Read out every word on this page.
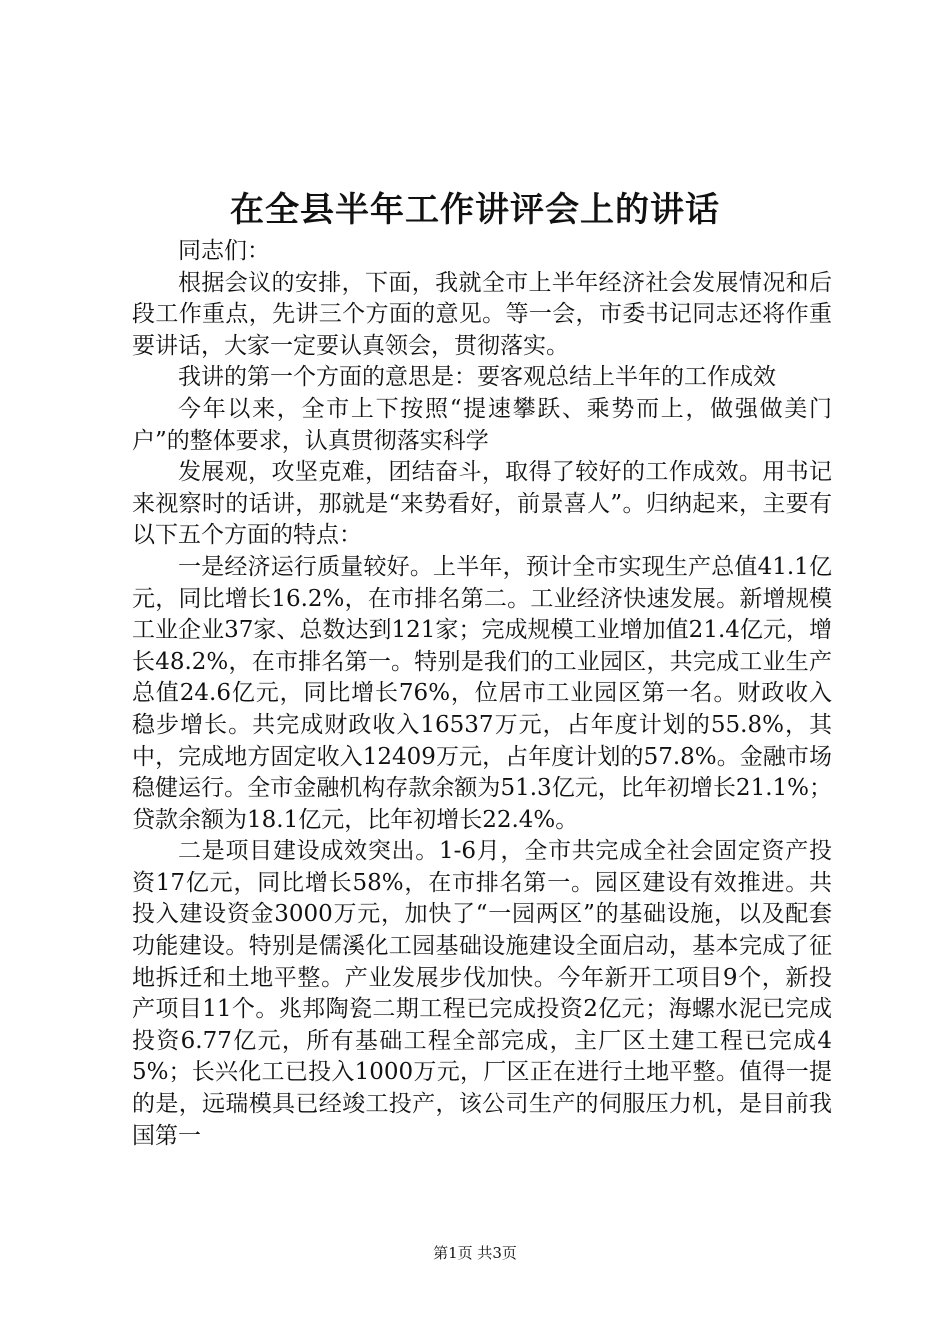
在全县半年工作讲评会上的讲话

同志们：

根据会议的安排，下面，我就全市上半年经济社会发展情况和后段工作重点，先讲三个方面的意见。等一会，市委书记同志还将作重要讲话，大家一定要认真领会，贯彻落实。

我讲的第一个方面的意思是：要客观总结上半年的工作成效

今年以来，全市上下按照“提速攀跃、乘势而上，做强做美门户”的整体要求，认真贯彻落实科学

发展观，攻坚克难，团结奋斗，取得了较好的工作成效。用书记来视察时的话讲，那就是“来势看好，前景喜人”。归纳起来，主要有以下五个方面的特点：

一是经济运行质量较好。上半年，预计全市实现生产总值41.1亿元，同比增长16.2%，在市排名第二。工业经济快速发展。新增规模工业企业37家、总数达到121家；完成规模工业增加值21.4亿元，增长48.2%，在市排名第一。特别是我们的工业园区，共完成工业生产总值24.6亿元，同比增长76%，位居市工业园区第一名。财政收入稳步增长。共完成财政收入16537万元，占年度计划的55.8%，其中，完成地方固定收入12409万元，占年度计划的57.8%。金融市场稳健运行。全市金融机构存款余额为51.3亿元，比年初增长21.1%；贷款余额为18.1亿元，比年初增长22.4%。

二是项目建设成效突出。1-6月，全市共完成全社会固定资产投资17亿元，同比增长58%，在市排名第一。园区建设有效推进。共投入建设资金3000万元，加快了“一园两区”的基础设施，以及配套功能建设。特别是儒溪化工园基础设施建设全面启动，基本完成了征地拆迁和土地平整。产业发展步伐加快。今年新开工项目9个，新投产项目11个。兆邦陶瓷二期工程已完成投资2亿元；海螺水泥已完成投资6.77亿元，所有基础工程全部完成，主厂区土建工程已完成45%；长兴化工已投入1000万元，厂区正在进行土地平整。值得一提的是，远瑞模具已经竣工投产，该公司生产的伺服压力机，是目前我国第一

第1页 共3页
